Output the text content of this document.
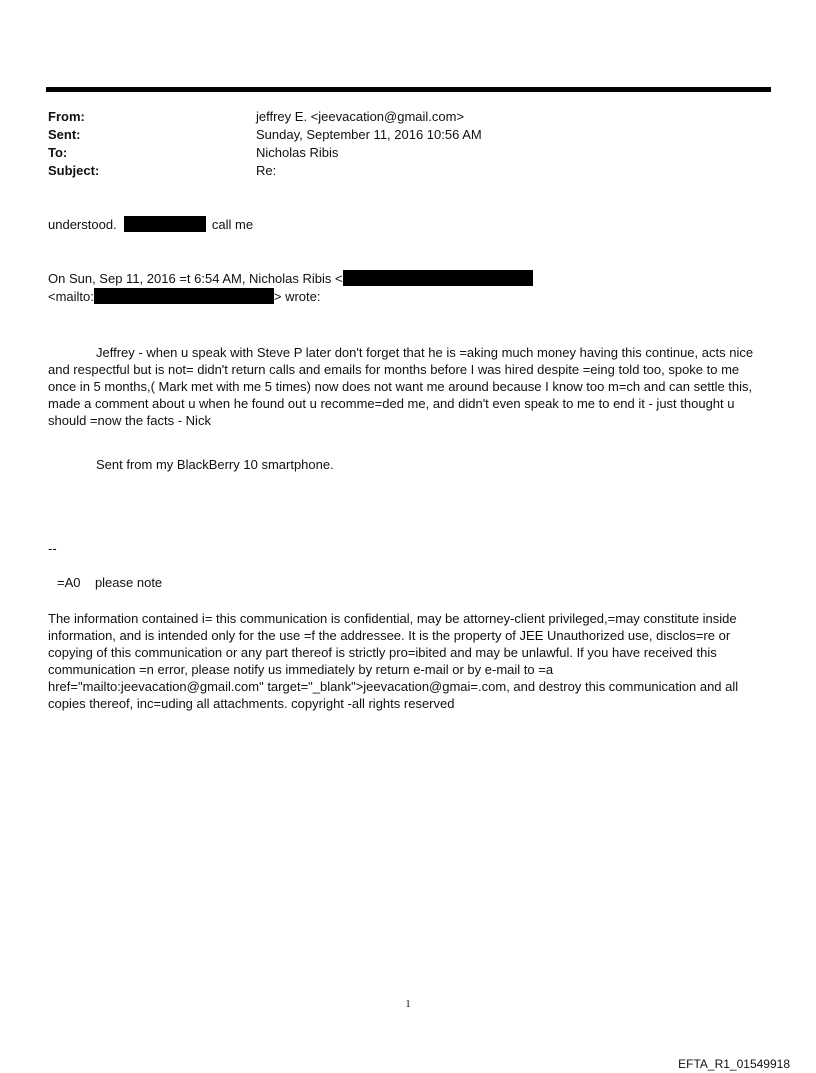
From:	jeffrey E. <jeevacation@gmail.com>
Sent:	Sunday, September 11, 2016 10:56 AM
To:	Nicholas Ribis
Subject:	Re:
understood.	call me
On Sun, Sep 11, 2016 =t 6:54 AM, Nicholas Ribis <
<mailto:	> wrote:
Jeffrey - when u speak with Steve P later don't forget that he is =aking much money having this continue, acts nice and respectful but is not= didn't return calls and emails for months before I was hired despite =eing told too, spoke to me once in 5 months,( Mark met with me 5 times) now does not want me around because I know too m=ch and can settle this, made a comment about u when he found out u recomme=ded me, and didn't even speak to me to end it - just thought u should =now the facts - Nick
Sent from my BlackBerry 10 smartphone.
--
=A0    please note
The information contained i= this communication is confidential, may be attorney-client privileged,=may constitute inside information, and is intended only for the use =f the addressee. It is the property of JEE Unauthorized use, disclos=re or copying of this communication or any part thereof is strictly pro=ibited and may be unlawful. If you have received this communication =n error, please notify us immediately by return e-mail or by e-mail to =a href="mailto:jeevacation@gmail.com" target="_blank">jeevacation@gmai=.com, and destroy this communication and all copies thereof, inc=uding all attachments. copyright -all rights reserved
1
EFTA_R1_01549918
